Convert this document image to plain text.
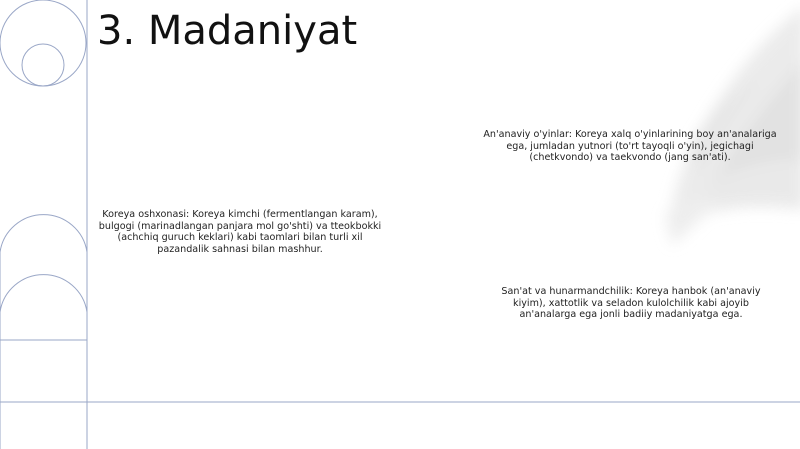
3. Madaniyat

An'anaviy o'yinlar: Koreya xalq o'yinlarining boy an'analariga ega, jumladan yutnori (to'rt tayoqli o'yin), jegichagi (chetkvondo) va taekvondo (jang san'ati).

Koreya oshxonasi: Koreya kimchi (fermentlangan karam), bulgogi (marinadlangan panjara mol go'shti) va tteokbokki (achchiq guruch keklari) kabi taomlari bilan turli xil pazandalik sahnasi bilan mashhur.

San'at va hunarmandchilik: Koreya hanbok (an'anaviy kiyim), xattotlik va seladon kulolchilik kabi ajoyib an'analarga ega jonli badiiy madaniyatga ega.
